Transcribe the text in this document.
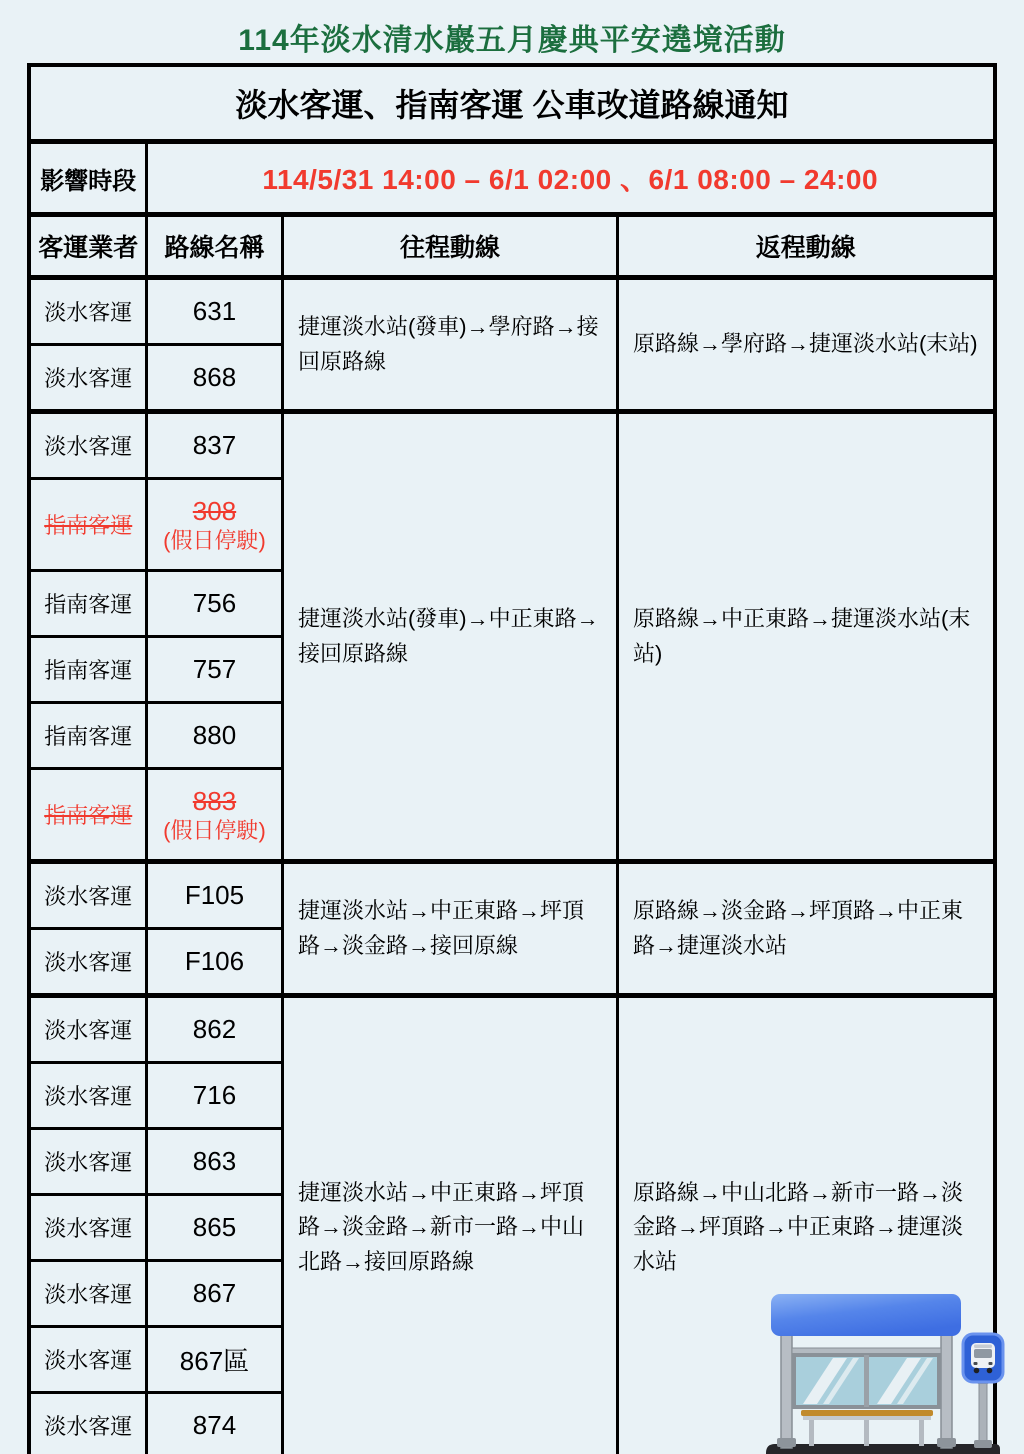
114年淡水清水巖五月慶典平安遶境活動
淡水客運、指南客運 公車改道路線通知			
影響時段	114/5/31 14:00 – 6/1 02:00 、6/1 08:00 – 24:00		
客運業者	路線名稱	往程動線	返程動線
淡水客運	631	捷運淡水站(發車)→學府路→接回原路線	原路線→學府路→捷運淡水站(末站)
淡水客運	868		
淡水客運	837	捷運淡水站(發車)→中正東路→接回原路線	原路線→中正東路→捷運淡水站(末站)
指南客運	308
(假日停駛)		

指南客運	756		
指南客運	757		
指南客運	880		
指南客運	883
(假日停駛)		

淡水客運	F105	捷運淡水站→中正東路→坪頂路→淡金路→接回原線	原路線→淡金路→坪頂路→中正東路→捷運淡水站
淡水客運	F106		
淡水客運	862	捷運淡水站→中正東路→坪頂路→淡金路→新市一路→中山北路→接回原路線	原路線→中山北路→新市一路→淡金路→坪頂路→中正東路→捷運淡水站

淡水客運	716		
淡水客運	863		
淡水客運	865		
淡水客運	867		
淡水客運	867區		
淡水客運	874		
